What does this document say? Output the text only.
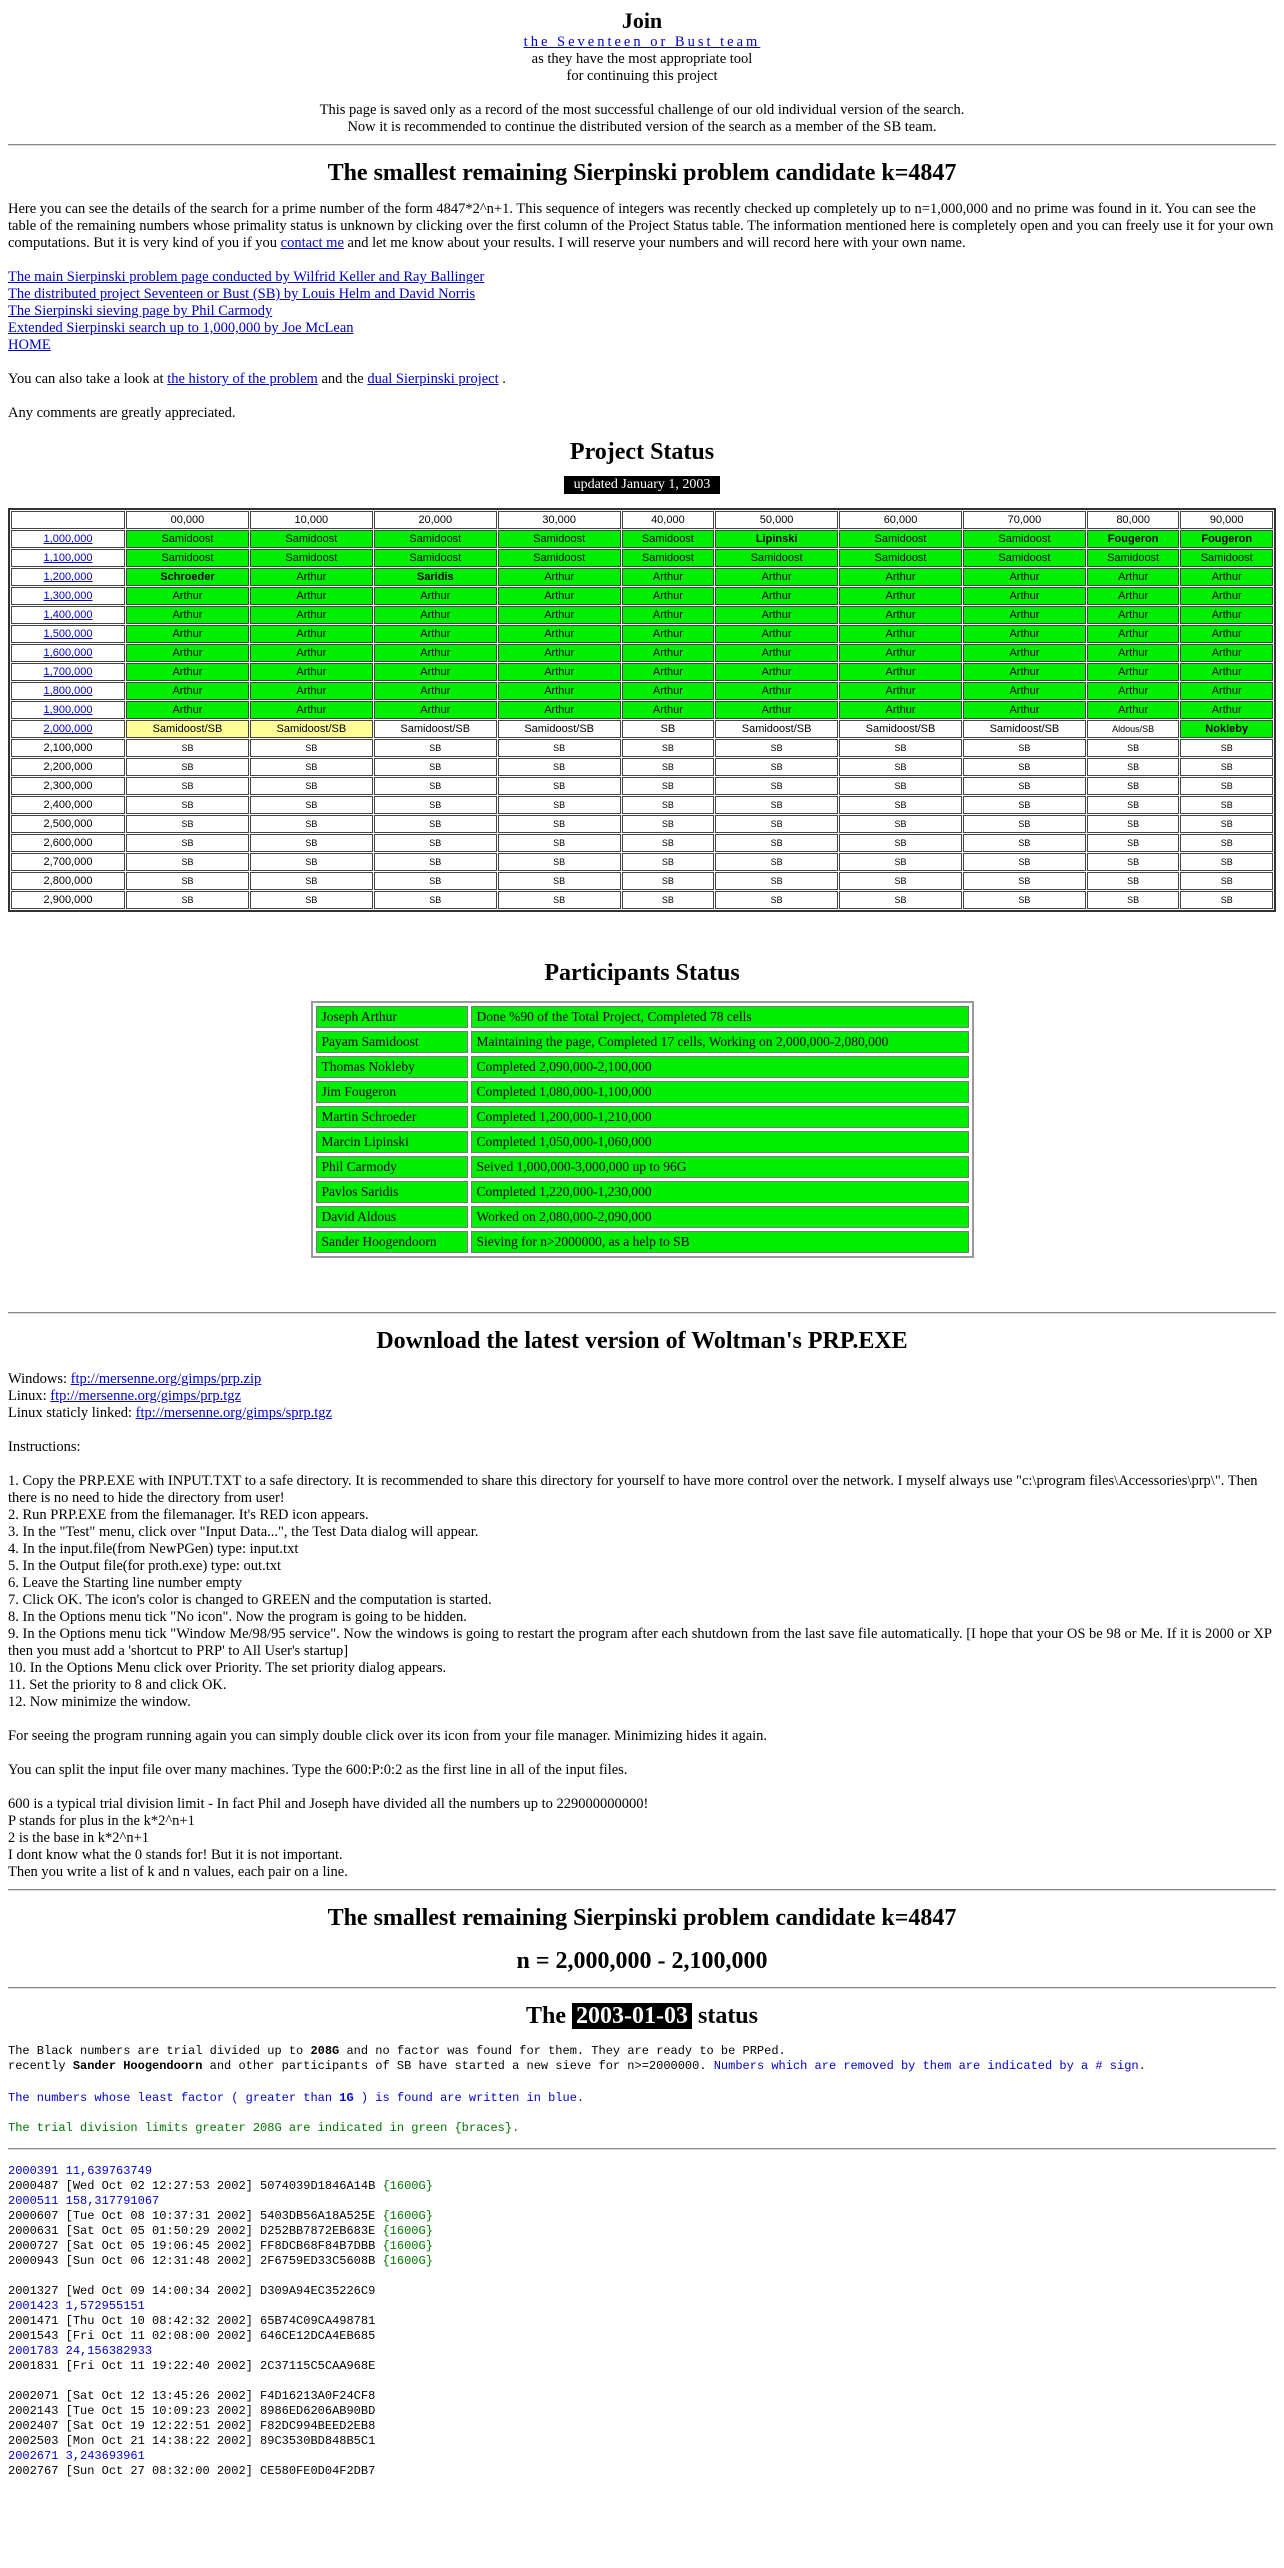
Join
the Seventeen or Bust team
as they have the most appropriate tool
for continuing this project
This page is saved only as a record of the most successful challenge of our old individual version of the search.
Now it is recommended to continue the distributed version of the search as a member of the SB team.
The smallest remaining Sierpinski problem candidate k=4847

Here you can see the details of the search for a prime number of the form 4847*2^n+1. This sequence of integers was recently checked up completely up to n=1,000,000 and no prime was found in it. You can see the table of the remaining numbers whose primality status is unknown by clicking over the first column of the Project Status table. The information mentioned here is completely open and you can freely use it for your own computations. But it is very kind of you if you contact me and let me know about your results. I will reserve your numbers and will record here with your own name.

The main Sierpinski problem page conducted by Wilfrid Keller and Ray Ballinger
The distributed project Seventeen or Bust (SB) by Louis Helm and David Norris
The Sierpinski sieving page by Phil Carmody
Extended Sierpinski search up to 1,000,000 by Joe McLean
HOME

You can also take a look at the history of the problem and the dual Sierpinski project .

Any comments are greatly appreciated.

Project Status
updated January 1, 2003
	00,000	10,000	20,000	30,000	40,000	50,000	60,000	70,000	80,000	90,000
1,000,000	Samidoost	Samidoost	Samidoost	Samidoost	Samidoost	Lipinski	Samidoost	Samidoost	Fougeron	Fougeron
1,100,000	Samidoost	Samidoost	Samidoost	Samidoost	Samidoost	Samidoost	Samidoost	Samidoost	Samidoost	Samidoost
1,200,000	Schroeder	Arthur	Saridis	Arthur	Arthur	Arthur	Arthur	Arthur	Arthur	Arthur
1,300,000	Arthur	Arthur	Arthur	Arthur	Arthur	Arthur	Arthur	Arthur	Arthur	Arthur
1,400,000	Arthur	Arthur	Arthur	Arthur	Arthur	Arthur	Arthur	Arthur	Arthur	Arthur
1,500,000	Arthur	Arthur	Arthur	Arthur	Arthur	Arthur	Arthur	Arthur	Arthur	Arthur
1,600,000	Arthur	Arthur	Arthur	Arthur	Arthur	Arthur	Arthur	Arthur	Arthur	Arthur
1,700,000	Arthur	Arthur	Arthur	Arthur	Arthur	Arthur	Arthur	Arthur	Arthur	Arthur
1,800,000	Arthur	Arthur	Arthur	Arthur	Arthur	Arthur	Arthur	Arthur	Arthur	Arthur
1,900,000	Arthur	Arthur	Arthur	Arthur	Arthur	Arthur	Arthur	Arthur	Arthur	Arthur
2,000,000	Samidoost/SB	Samidoost/SB	Samidoost/SB	Samidoost/SB	SB	Samidoost/SB	Samidoost/SB	Samidoost/SB	Aldous/SB	Nokleby
2,100,000	SB	SB	SB	SB	SB	SB	SB	SB	SB	SB
2,200,000	SB	SB	SB	SB	SB	SB	SB	SB	SB	SB
2,300,000	SB	SB	SB	SB	SB	SB	SB	SB	SB	SB
2,400,000	SB	SB	SB	SB	SB	SB	SB	SB	SB	SB
2,500,000	SB	SB	SB	SB	SB	SB	SB	SB	SB	SB
2,600,000	SB	SB	SB	SB	SB	SB	SB	SB	SB	SB
2,700,000	SB	SB	SB	SB	SB	SB	SB	SB	SB	SB
2,800,000	SB	SB	SB	SB	SB	SB	SB	SB	SB	SB
2,900,000	SB	SB	SB	SB	SB	SB	SB	SB	SB	SB
Participants Status
Joseph Arthur	Done %90 of the Total Project, Completed 78 cells
Payam Samidoost	Maintaining the page, Completed 17 cells, Working on 2,000,000-2,080,000
Thomas Nokleby	Completed 2,090,000-2,100,000
Jim Fougeron	Completed 1,080,000-1,100,000
Martin Schroeder	Completed 1,200,000-1,210,000
Marcin Lipinski	Completed 1,050,000-1,060,000
Phil Carmody	Seived 1,000,000-3,000,000 up to 96G
Pavlos Saridis	Completed 1,220,000-1,230,000
David Aldous	Worked on 2,080,000-2,090,000
Sander Hoogendoorn	Sieving for n>2000000, as a help to SB
Download the latest version of Woltman's PRP.EXE
Windows: ftp://mersenne.org/gimps/prp.zip
Linux: ftp://mersenne.org/gimps/prp.tgz
Linux staticly linked: ftp://mersenne.org/gimps/sprp.tgz

Instructions:

1. Copy the PRP.EXE with INPUT.TXT to a safe directory. It is recommended to share this directory for yourself to have more control over the network. I myself always use "c:\program files\Accessories\prp\". Then there is no need to hide the directory from user!
2. Run PRP.EXE from the filemanager. It's RED icon appears.
3. In the "Test" menu, click over "Input Data...", the Test Data dialog will appear.
4. In the input.file(from NewPGen) type: input.txt
5. In the Output file(for proth.exe) type: out.txt
6. Leave the Starting line number empty
7. Click OK. The icon's color is changed to GREEN and the computation is started.
8. In the Options menu tick "No icon". Now the program is going to be hidden.
9. In the Options menu tick "Window Me/98/95 service". Now the windows is going to restart the program after each shutdown from the last save file automatically. [I hope that your OS be 98 or Me. If it is 2000 or XP then you must add a 'shortcut to PRP' to All User's startup]
10. In the Options Menu click over Priority. The set priority dialog appears.
11. Set the priority to 8 and click OK.
12. Now minimize the window.

For seeing the program running again you can simply double click over its icon from your file manager. Minimizing hides it again.

You can split the input file over many machines. Type the 600:P:0:2 as the first line in all of the input files.

600 is a typical trial division limit - In fact Phil and Joseph have divided all the numbers up to 229000000000!
P stands for plus in the k*2^n+1
2 is the base in k*2^n+1
I dont know what the 0 stands for! But it is not important.
Then you write a list of k and n values, each pair on a line.
The smallest remaining Sierpinski problem candidate k=4847
n = 2,000,000 - 2,100,000
The 2003-01-03 status
The Black numbers are trial divided up to 208G and no factor was found for them. They are ready to be PRPed.
recently Sander Hoogendoorn and other participants of SB have started a new sieve for n>=2000000. Numbers which are removed by them are indicated by a # sign.
The numbers whose least factor ( greater than 1G ) is found are written in blue.
The trial division limits greater 208G are indicated in green {braces}.
2000391 11,639763749
2000487 [Wed Oct 02 12:27:53 2002] 5074039D1846A14B {1600G}
2000511 158,317791067
2000607 [Tue Oct 08 10:37:31 2002] 5403DB56A18A525E {1600G}
2000631 [Sat Oct 05 01:50:29 2002] D252BB7872EB683E {1600G}
2000727 [Sat Oct 05 19:06:45 2002] FF8DCB68F84B7DBB {1600G}
2000943 [Sun Oct 06 12:31:48 2002] 2F6759ED33C5608B {1600G}
2001327 [Wed Oct 09 14:00:34 2002] D309A94EC35226C9
2001423 1,572955151
2001471 [Thu Oct 10 08:42:32 2002] 65B74C09CA498781
2001543 [Fri Oct 11 02:08:00 2002] 646CE12DCA4EB685
2001783 24,156382933
2001831 [Fri Oct 11 19:22:40 2002] 2C37115C5CAA968E
2002071 [Sat Oct 12 13:45:26 2002] F4D16213A0F24CF8
2002143 [Tue Oct 15 10:09:23 2002] 8986ED6206AB90BD
2002407 [Sat Oct 19 12:22:51 2002] F82DC994BEED2EB8
2002503 [Mon Oct 21 14:38:22 2002] 89C3530BD848B5C1
2002671 3,243693961
2002767 [Sun Oct 27 08:32:00 2002] CE580FE0D04F2DB7
